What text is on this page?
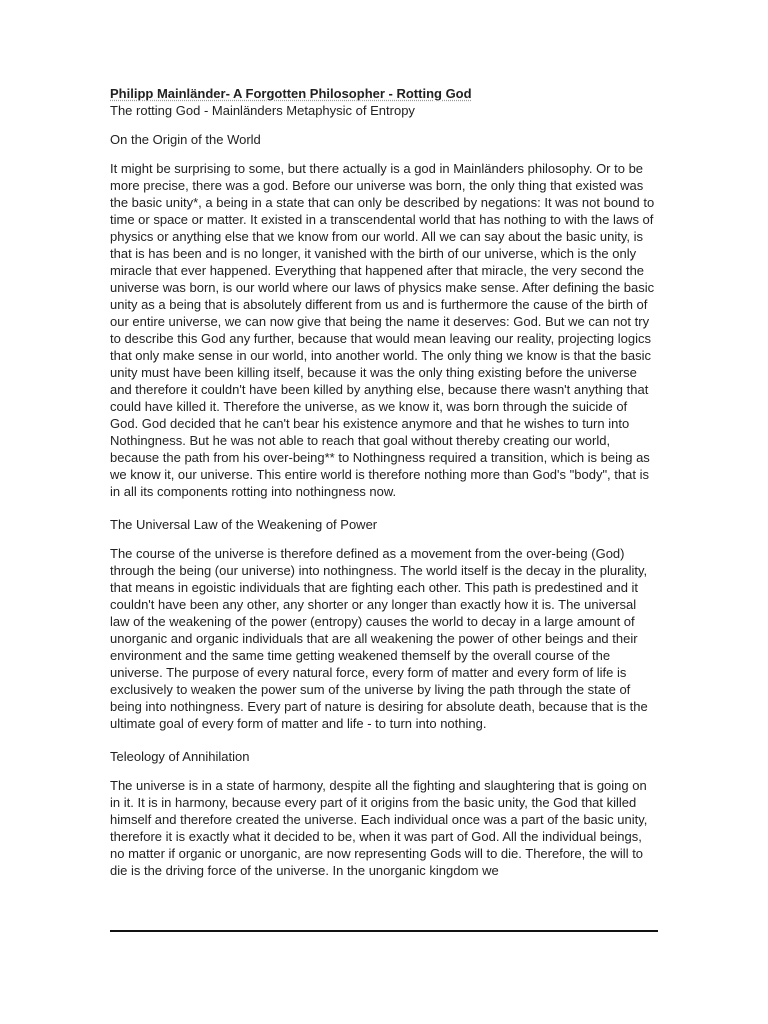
Philipp Mainländer- A Forgotten Philosopher - Rotting God

The rotting God - Mainländers Metaphysic of Entropy

On the Origin of the World

It might be surprising to some, but there actually is a god in Mainländers philosophy. Or to be more precise, there was a god. Before our universe was born, the only thing that existed was the basic unity*, a being in a state that can only be described by negations: It was not bound to time or space or matter. It existed in a transcendental world that has nothing to with the laws of physics or anything else that we know from our world. All we can say about the basic unity, is that is has been and is no longer, it vanished with the birth of our universe, which is the only miracle that ever happened. Everything that happened after that miracle, the very second the universe was born, is our world where our laws of physics make sense. After defining the basic unity as a being that is absolutely different from us and is furthermore the cause of the birth of our entire universe, we can now give that being the name it deserves: God. But we can not try to describe this God any further, because that would mean leaving our reality, projecting logics that only make sense in our world, into another world. The only thing we know is that the basic unity must have been killing itself, because it was the only thing existing before the universe and therefore it couldn't have been killed by anything else, because there wasn't anything that could have killed it. Therefore the universe, as we know it, was born through the suicide of God. God decided that he can't bear his existence anymore and that he wishes to turn into Nothingness. But he was not able to reach that goal without thereby creating our world, because the path from his over-being** to Nothingness required a transition, which is being as we know it, our universe. This entire world is therefore nothing more than God's "body", that is in all its components rotting into nothingness now.

The Universal Law of the Weakening of Power

The course of the universe is therefore defined as a movement from the over-being (God) through the being (our universe) into nothingness. The world itself is the decay in the plurality, that means in egoistic individuals that are fighting each other. This path is predestined and it couldn't have been any other, any shorter or any longer than exactly how it is. The universal law of the weakening of the power (entropy) causes the world to decay in a large amount of unorganic and organic individuals that are all weakening the power of other beings and their environment and the same time getting weakened themself by the overall course of the universe. The purpose of every natural force, every form of matter and every form of life is exclusively to weaken the power sum of the universe by living the path through the state of being into nothingness. Every part of nature is desiring for absolute death, because that is the ultimate goal of every form of matter and life - to turn into nothing.

Teleology of Annihilation

The universe is in a state of harmony, despite all the fighting and slaughtering that is going on in it. It is in harmony, because every part of it origins from the basic unity, the God that killed himself and therefore created the universe. Each individual once was a part of the basic unity, therefore it is exactly what it decided to be, when it was part of God. All the individual beings, no matter if organic or unorganic, are now representing Gods will to die. Therefore, the will to die is the driving force of the universe. In the unorganic kingdom we
